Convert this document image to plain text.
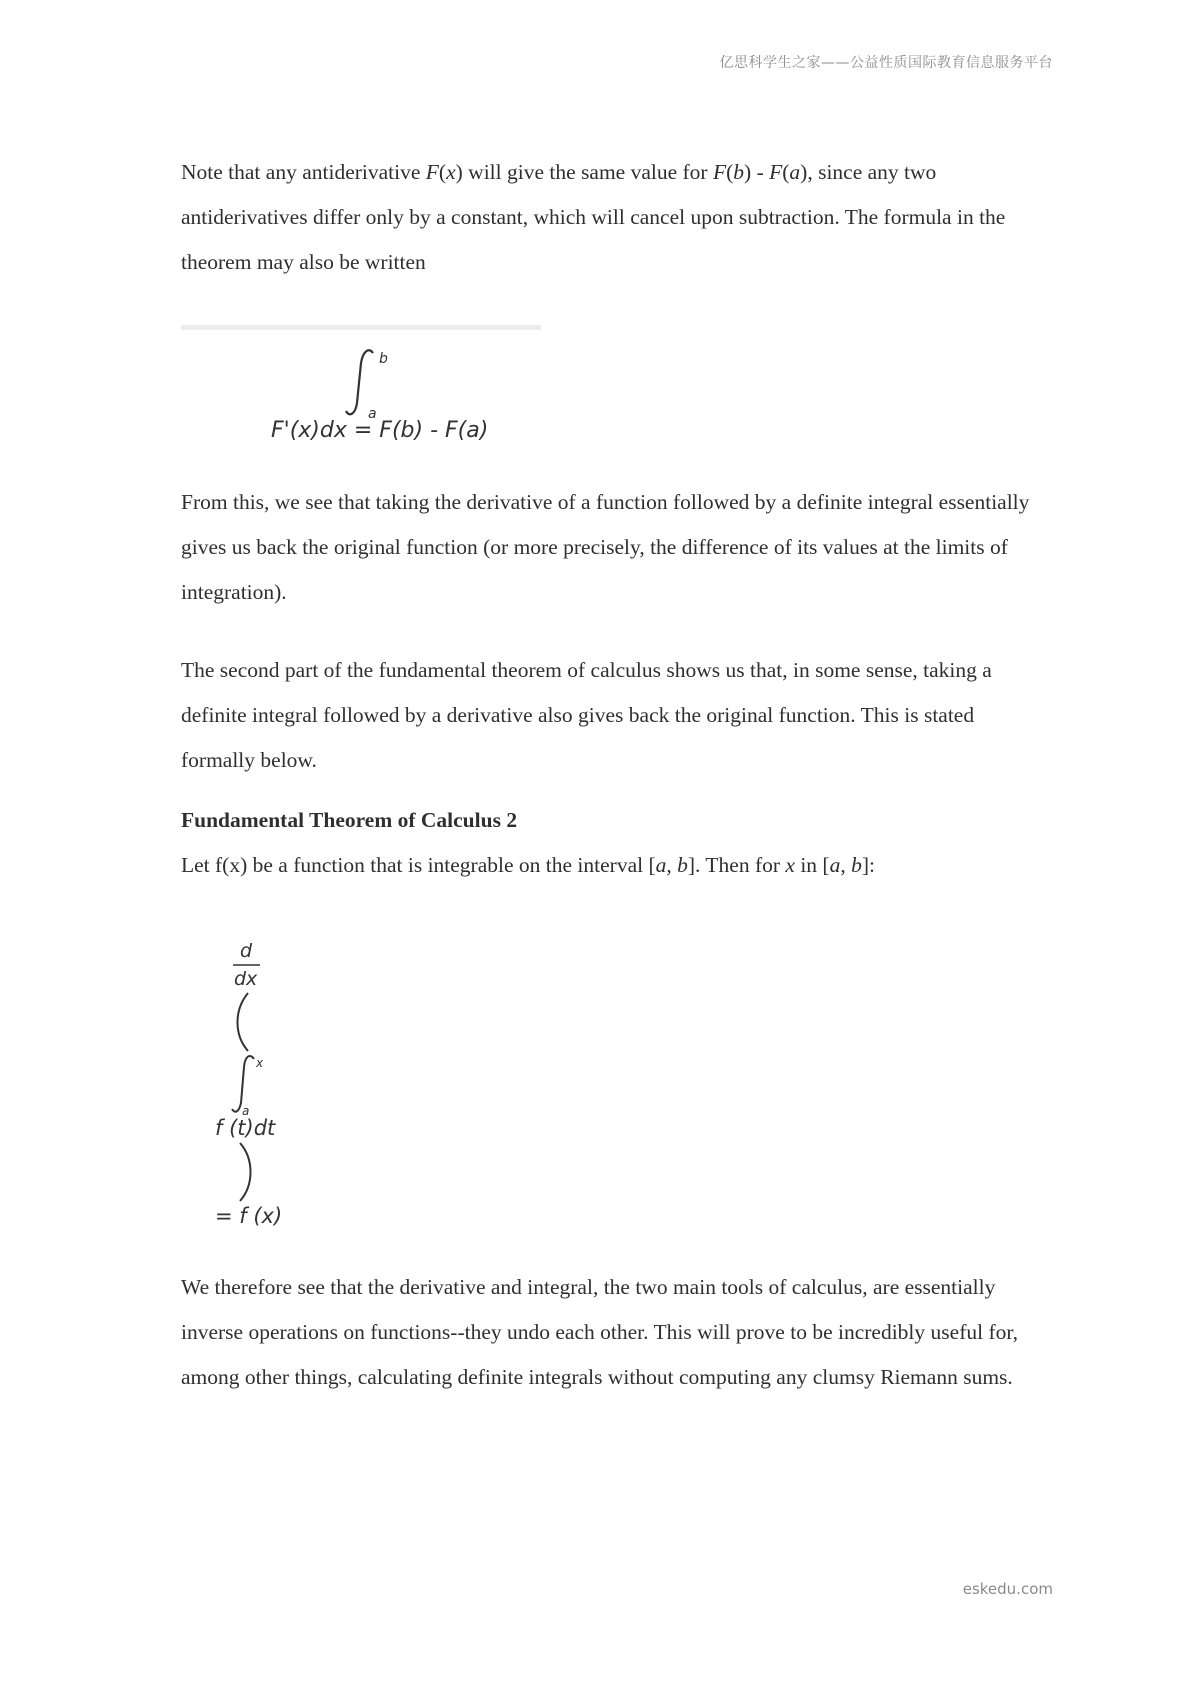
亿思科学生之家——公益性质国际教育信息服务平台

Note that any antiderivative F(x) will give the same value for F(b) - F(a), since any two antiderivatives differ only by a constant, which will cancel upon subtraction. The formula in the theorem may also be written

b
a
F'(x)dx = F(b) - F(a)

From this, we see that taking the derivative of a function followed by a definite integral essentially gives us back the original function (or more precisely, the difference of its values at the limits of integration).

The second part of the fundamental theorem of calculus shows us that, in some sense, taking a definite integral followed by a derivative also gives back the original function. This is stated formally below.

Fundamental Theorem of Calculus 2

Let f(x) be a function that is integrable on the interval [a, b]. Then for x in [a, b]:

d
dx
x
a
f (t)dt
= f (x)

We therefore see that the derivative and integral, the two main tools of calculus, are essentially inverse operations on functions--they undo each other. This will prove to be incredibly useful for, among other things, calculating definite integrals without computing any clumsy Riemann sums.

eskedu.com
